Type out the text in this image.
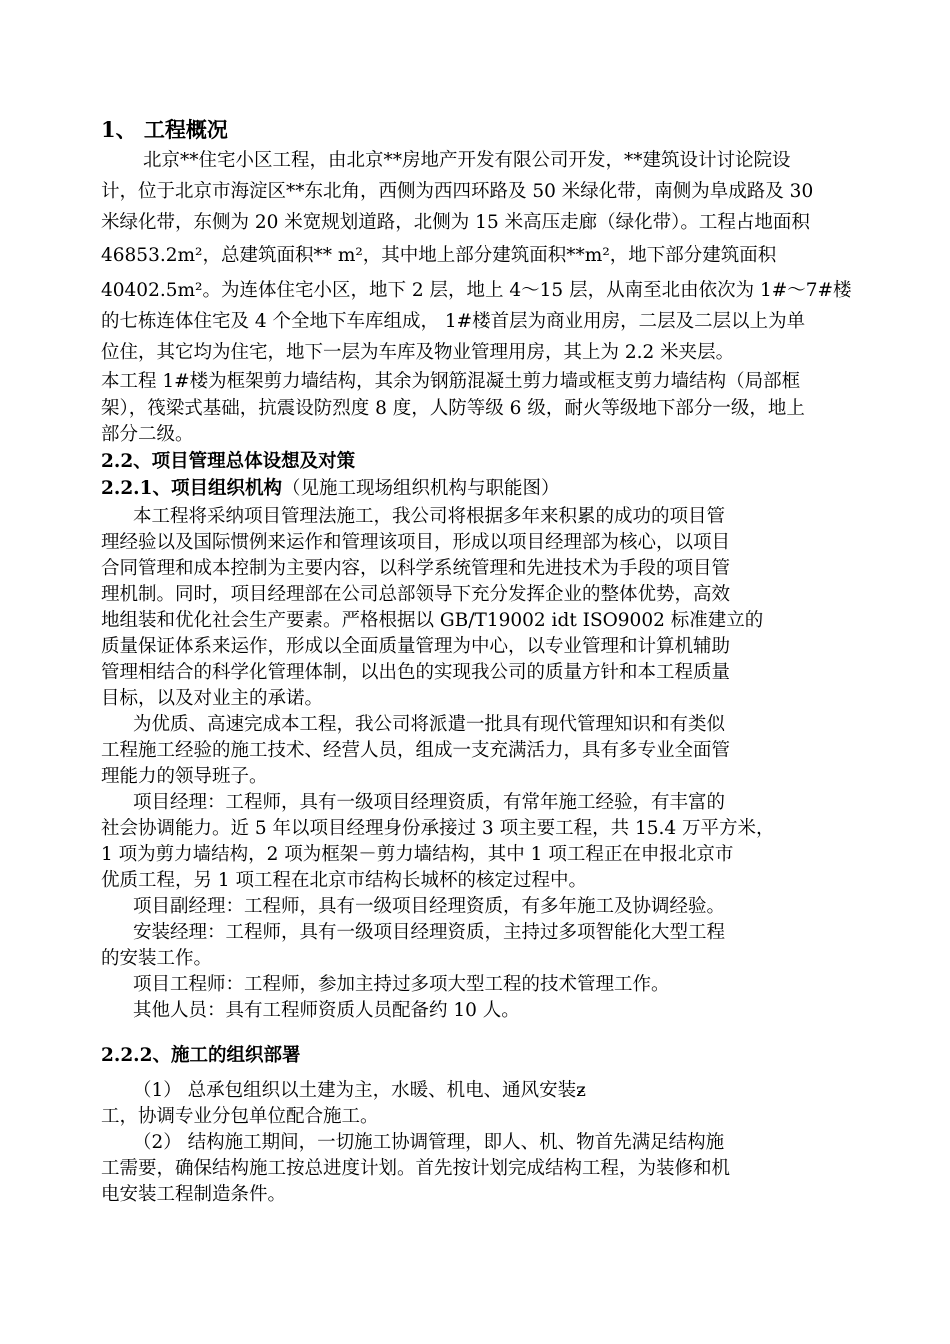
1、 工程概况
北京**住宅小区工程，由北京**房地产开发有限公司开发，**建筑设计讨论院设
计，位于北京市海淀区**东北角，西侧为西四环路及 50 米绿化带，南侧为阜成路及 30
米绿化带，东侧为 20 米宽规划道路，北侧为 15 米高压走廊（绿化带）。工程占地面积
46853.2m²，总建筑面积** m²，其中地上部分建筑面积**m²，地下部分建筑面积
40402.5m²。为连体住宅小区，地下 2 层，地上 4～15 层，从南至北由依次为 1#～7#楼
的七栋连体住宅及 4 个全地下车库组成， 1#楼首层为商业用房，二层及二层以上为单
位住，其它均为住宅，地下一层为车库及物业管理用房，其上为 2.2 米夹层。
本工程 1#楼为框架剪力墙结构，其余为钢筋混凝土剪力墙或框支剪力墙结构（局部框
架），筏梁式基础，抗震设防烈度 8 度，人防等级 6 级，耐火等级地下部分一级，地上
部分二级。
2.2、项目管理总体设想及对策
2.2.1、项目组织机构（见施工现场组织机构与职能图）
本工程将采纳项目管理法施工，我公司将根据多年来积累的成功的项目管
理经验以及国际惯例来运作和管理该项目，形成以项目经理部为核心，以项目
合同管理和成本控制为主要内容，以科学系统管理和先进技术为手段的项目管
理机制。同时，项目经理部在公司总部领导下充分发挥企业的整体优势，高效
地组装和优化社会生产要素。严格根据以 GB/T19002 idt ISO9002 标准建立的
质量保证体系来运作，形成以全面质量管理为中心，以专业管理和计算机辅助
管理相结合的科学化管理体制，以出色的实现我公司的质量方针和本工程质量
目标，以及对业主的承诺。
为优质、高速完成本工程，我公司将派遣一批具有现代管理知识和有类似
工程施工经验的施工技术、经营人员，组成一支充满活力，具有多专业全面管
理能力的领导班子。
项目经理：工程师，具有一级项目经理资质，有常年施工经验，有丰富的
社会协调能力。近 5 年以项目经理身份承接过 3 项主要工程，共 15.4 万平方米，
1 项为剪力墙结构，2 项为框架－剪力墙结构，其中 1 项工程正在申报北京市
优质工程，另 1 项工程在北京市结构长城杯的核定过程中。
项目副经理：工程师，具有一级项目经理资质，有多年施工及协调经验。
安装经理：工程师，具有一级项目经理资质，主持过多项智能化大型工程
的安装工作。
项目工程师：工程师，参加主持过多项大型工程的技术管理工作。
其他人员：具有工程师资质人员配备约 10 人。
2.2.2、施工的组织部署
（1） 总承包组织以土建为主，水暖、机电、通风安装ƶ
工，协调专业分包单位配合施工。
（2） 结构施工期间，一切施工协调管理，即人、机、物首先满足结构施
工需要，确保结构施工按总进度计划。首先按计划完成结构工程，为装修和机
电安装工程制造条件。
